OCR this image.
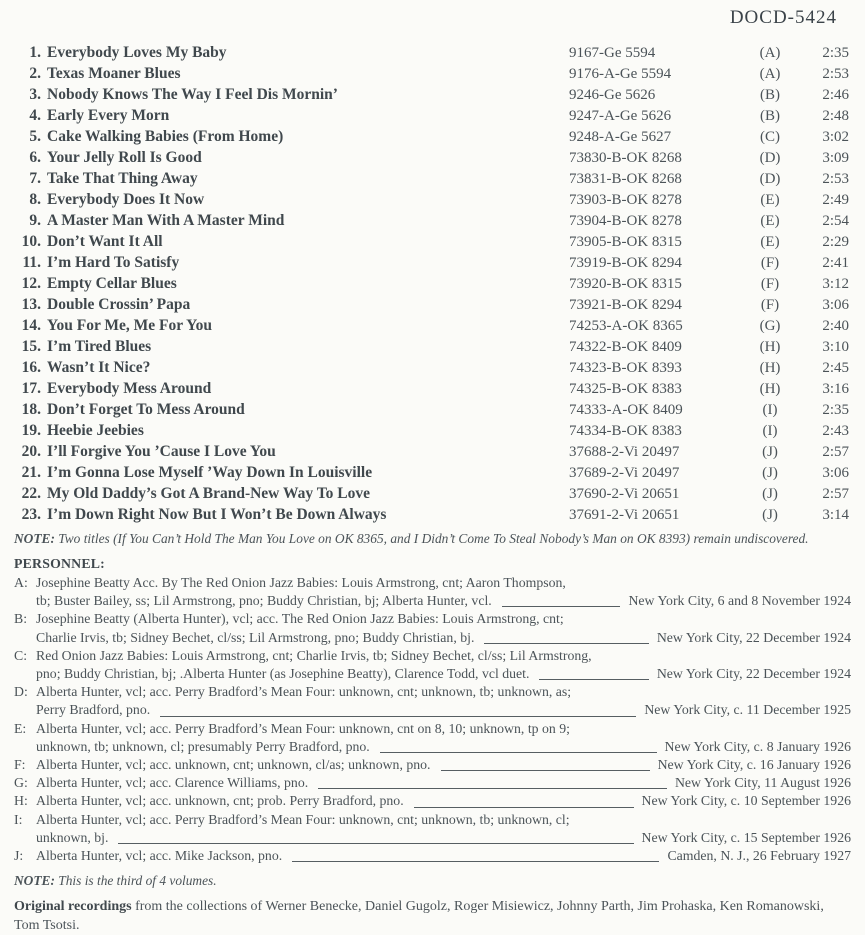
DOCD-5424
1. Everybody Loves My Baby	9167-Ge 5594	(A)	2:35
2. Texas Moaner Blues	9176-A-Ge 5594	(A)	2:53
3. Nobody Knows The Way I Feel Dis Mornin’	9246-Ge 5626	(B)	2:46
4. Early Every Morn	9247-A-Ge 5626	(B)	2:48
5. Cake Walking Babies (From Home)	9248-A-Ge 5627	(C)	3:02
6. Your Jelly Roll Is Good	73830-B-OK 8268	(D)	3:09
7. Take That Thing Away	73831-B-OK 8268	(D)	2:53
8. Everybody Does It Now	73903-B-OK 8278	(E)	2:49
9. A Master Man With A Master Mind	73904-B-OK 8278	(E)	2:54
10. Don’t Want It All	73905-B-OK 8315	(E)	2:29
11. I’m Hard To Satisfy	73919-B-OK 8294	(F)	2:41
12. Empty Cellar Blues	73920-B-OK 8315	(F)	3:12
13. Double Crossin’ Papa	73921-B-OK 8294	(F)	3:06
14. You For Me, Me For You	74253-A-OK 8365	(G)	2:40
15. I’m Tired Blues	74322-B-OK 8409	(H)	3:10
16. Wasn’t It Nice?	74323-B-OK 8393	(H)	2:45
17. Everybody Mess Around	74325-B-OK 8383	(H)	3:16
18. Don’t Forget To Mess Around	74333-A-OK 8409	(I)	2:35
19. Heebie Jeebies	74334-B-OK 8383	(I)	2:43
20. I’ll Forgive You ’Cause I Love You	37688-2-Vi 20497	(J)	2:57
21. I’m Gonna Lose Myself ’Way Down In Louisville	37689-2-Vi 20497	(J)	3:06
22. My Old Daddy’s Got A Brand-New Way To Love	37690-2-Vi 20651	(J)	2:57
23. I’m Down Right Now But I Won’t Be Down Always	37691-2-Vi 20651	(J)	3:14
NOTE: Two titles (If You Can’t Hold The Man You Love on OK 8365, and I Didn’t Come To Steal Nobody’s Man on OK 8393) remain undiscovered.
PERSONNEL:
A: Josephine Beatty Acc. By The Red Onion Jazz Babies: Louis Armstrong, cnt; Aaron Thompson,
tb; Buster Bailey, ss; Lil Armstrong, pno; Buddy Christian, bj; Alberta Hunter, vcl.	New York City, 6 and 8 November 1924
B: Josephine Beatty (Alberta Hunter), vcl; acc. The Red Onion Jazz Babies: Louis Armstrong, cnt;
Charlie Irvis, tb; Sidney Bechet, cl/ss; Lil Armstrong, pno; Buddy Christian, bj.	New York City, 22 December 1924
C: Red Onion Jazz Babies: Louis Armstrong, cnt; Charlie Irvis, tb; Sidney Bechet, cl/ss; Lil Armstrong,
pno; Buddy Christian, bj; .Alberta Hunter (as Josephine Beatty), Clarence Todd, vcl duet.	New York City, 22 December 1924
D: Alberta Hunter, vcl; acc. Perry Bradford’s Mean Four: unknown, cnt; unknown, tb; unknown, as;
Perry Bradford, pno.	New York City, c. 11 December 1925
E: Alberta Hunter, vcl; acc. Perry Bradford’s Mean Four: unknown, cnt on 8, 10; unknown, tp on 9;
unknown, tb; unknown, cl; presumably Perry Bradford, pno.	New York City, c. 8 January 1926
F: Alberta Hunter, vcl; acc. unknown, cnt; unknown, cl/as; unknown, pno.	New York City, c. 16 January 1926
G: Alberta Hunter, vcl; acc. Clarence Williams, pno.	New York City, 11 August 1926
H: Alberta Hunter, vcl; acc. unknown, cnt; prob. Perry Bradford, pno.	New York City, c. 10 September 1926
I: Alberta Hunter, vcl; acc. Perry Bradford’s Mean Four: unknown, cnt; unknown, tb; unknown, cl;
unknown, bj.	New York City, c. 15 September 1926
J: Alberta Hunter, vcl; acc. Mike Jackson, pno.	Camden, N. J., 26 February 1927
NOTE: This is the third of 4 volumes.
Original recordings from the collections of Werner Benecke, Daniel Gugolz, Roger Misiewicz, Johnny Parth, Jim Prohaska, Ken Romanowski, Tom Tsotsi.
